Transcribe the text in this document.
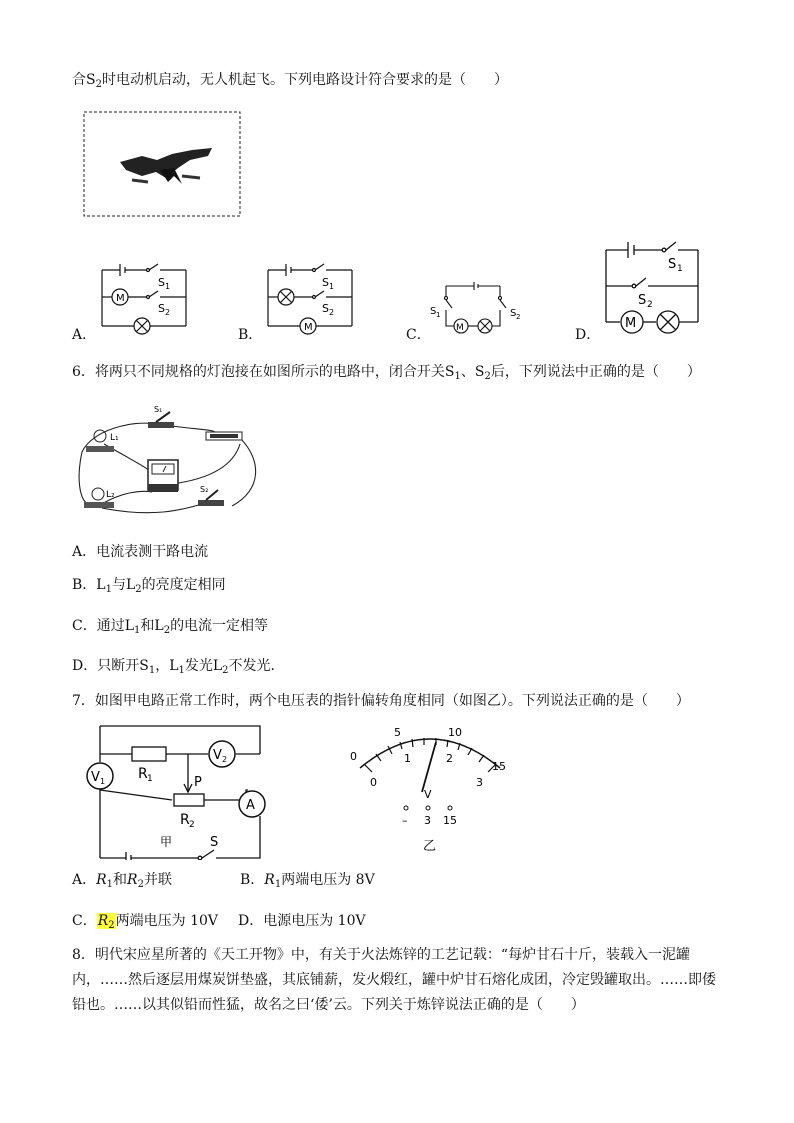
合$S_2$时电动机启动，无人机起飞。下列电路设计符合要求的是（　　）
M
S 1
S 2
A．	M
S 1
S 2
B．	M
S 1	S 2
C．
M
S 1
S 2
D．
6．将两只不同规格的灯泡接在如图所示的电路中，闭合开关$S_1$、$S_2$后，下列说法中正确的是（　　）
L₁
L₂
S₁
S₂
A．电流表测干路电流
B．$L_1$与$L_2$的亮度定相同
C．通过$L_1$和$L_2$的电流一定相等
D．只断开$S_1$，$L_1$发光$L_2$不发光．
7．如图甲电路正常工作时，两个电压表的指针偏转角度相同（如图乙）。下列说法正确的是（　　）
V 1
V 2
A
R 1
R 2
P
S
甲
0
5	10
15
0
1	2
3
V
– 3 15
乙
A．$R_1$和$R_2$并联	B．$R_1$两端电压为 8V
C．$R_2$两端电压为 10V D．电源电压为 10V
8．明代宋应星所著的《天工开物》中，有关于火法炼锌的工艺记载：“每炉甘石十斤，装载入一泥罐
内，……然后逐层用煤炭饼垫盛，其底铺薪，发火煅红，罐中炉甘石熔化成团，冷定毁罐取出。……即倭
铅也。……以其似铅而性猛，故名之曰‘倭’云。下列关于炼锌说法正确的是（　　）
